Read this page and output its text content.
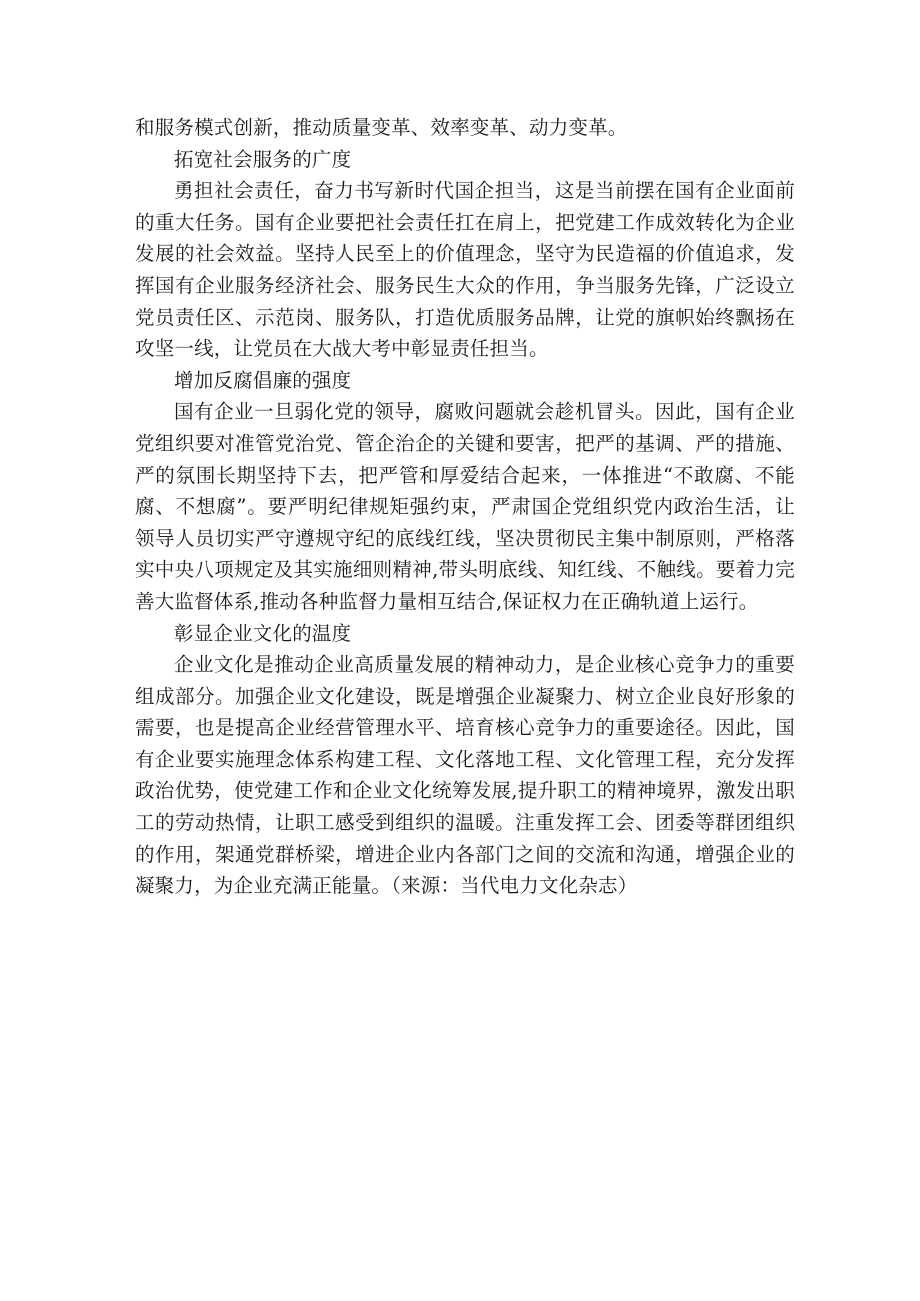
和服务模式创新，推动质量变革、效率变革、动力变革。

拓宽社会服务的广度

勇担社会责任，奋力书写新时代国企担当，这是当前摆在国有企业面前的重大任务。国有企业要把社会责任扛在肩上，把党建工作成效转化为企业发展的社会效益。坚持人民至上的价值理念，坚守为民造福的价值追求，发挥国有企业服务经济社会、服务民生大众的作用，争当服务先锋，广泛设立党员责任区、示范岗、服务队，打造优质服务品牌，让党的旗帜始终飘扬在攻坚一线，让党员在大战大考中彰显责任担当。

增加反腐倡廉的强度

国有企业一旦弱化党的领导，腐败问题就会趁机冒头。因此，国有企业党组织要对准管党治党、管企治企的关键和要害，把严的基调、严的措施、严的氛围长期坚持下去，把严管和厚爱结合起来，一体推进“不敢腐、不能腐、不想腐”。要严明纪律规矩强约束，严肃国企党组织党内政治生活，让领导人员切实严守遵规守纪的底线红线，坚决贯彻民主集中制原则，严格落实中央八项规定及其实施细则精神,带头明底线、知红线、不触线。要着力完善大监督体系,推动各种监督力量相互结合,保证权力在正确轨道上运行。

彰显企业文化的温度

企业文化是推动企业高质量发展的精神动力，是企业核心竞争力的重要组成部分。加强企业文化建设，既是增强企业凝聚力、树立企业良好形象的需要，也是提高企业经营管理水平、培育核心竞争力的重要途径。因此，国有企业要实施理念体系构建工程、文化落地工程、文化管理工程，充分发挥政治优势，使党建工作和企业文化统筹发展,提升职工的精神境界，激发出职工的劳动热情，让职工感受到组织的温暖。注重发挥工会、团委等群团组织的作用，架通党群桥梁，增进企业内各部门之间的交流和沟通，增强企业的凝聚力，为企业充满正能量。（来源：当代电力文化杂志）
